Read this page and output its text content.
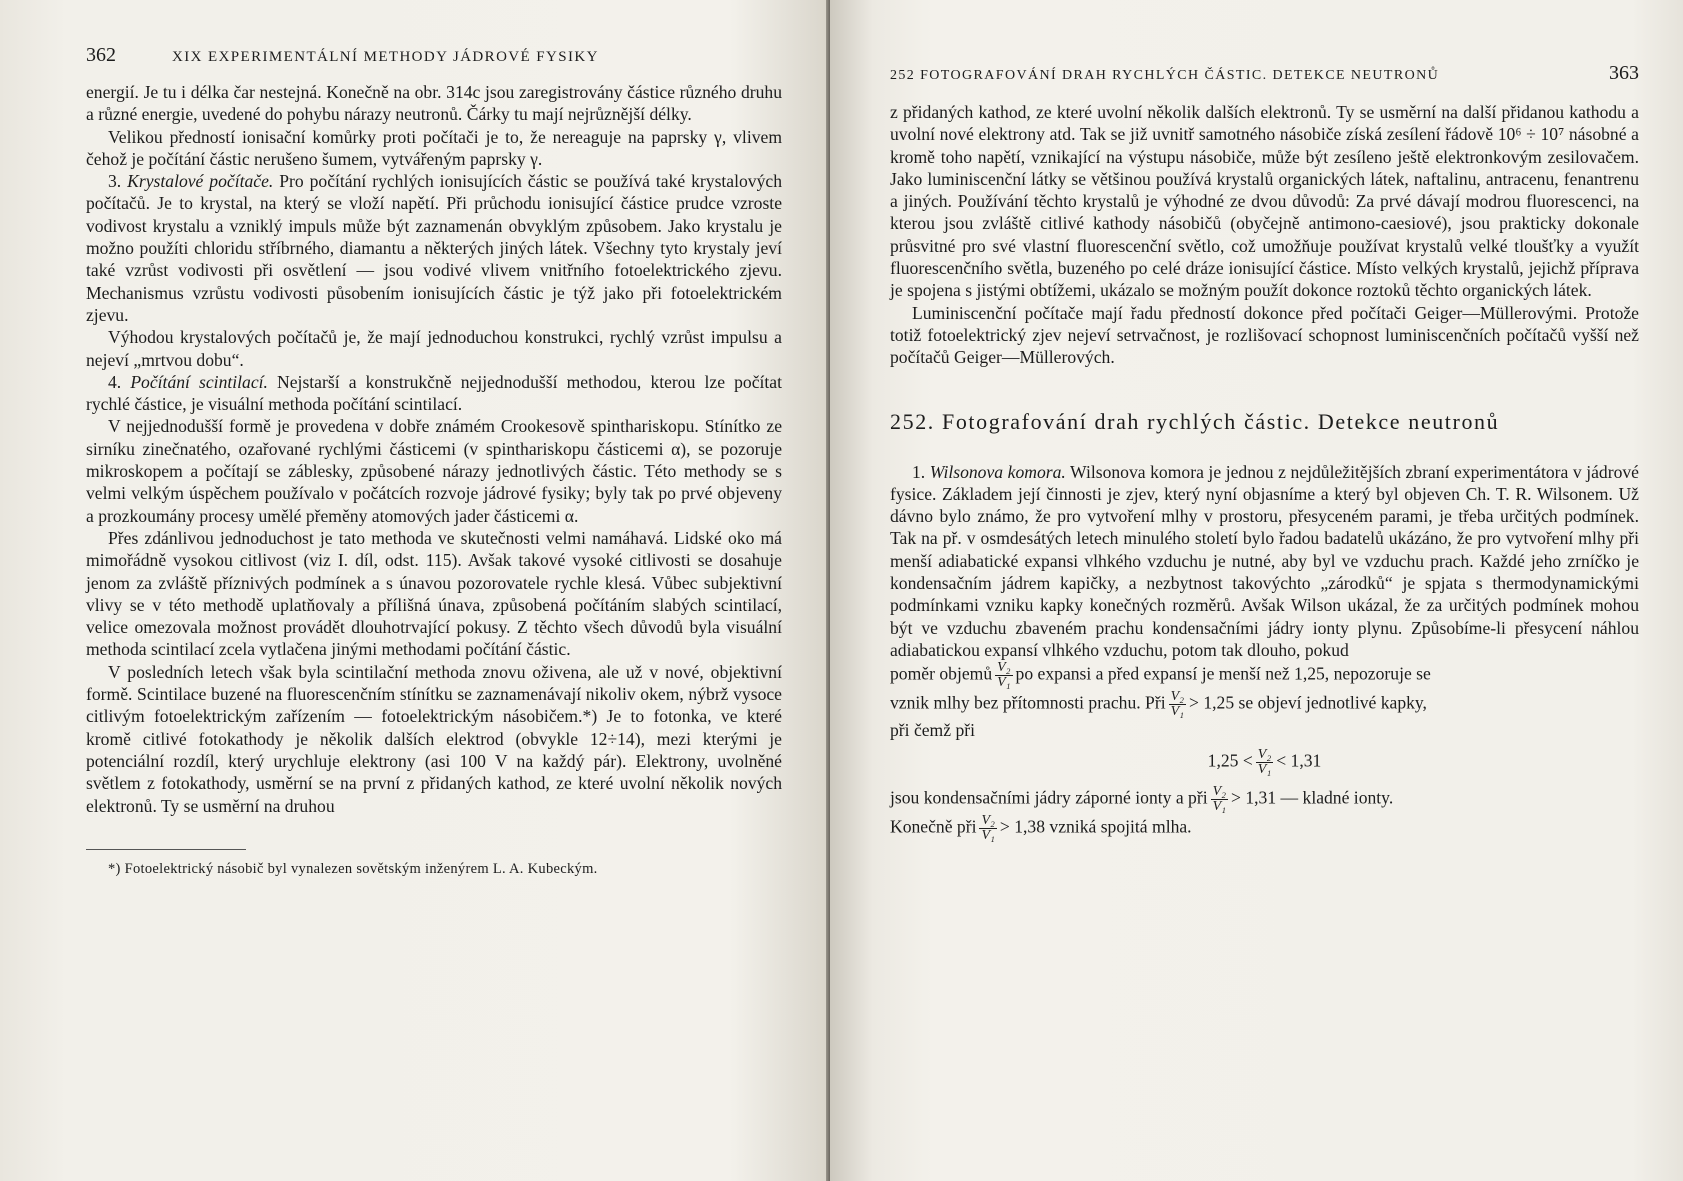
362	XIX EXPERIMENTÁLNÍ METHODY JÁDROVÉ FYSIKY

energií. Je tu i délka čar nestejná. Konečně na obr. 314c jsou zaregistrovány částice různého druhu a různé energie, uvedené do pohybu nárazy neutronů. Čárky tu mají nejrůznější délky.

Velikou předností ionisační komůrky proti počítači je to, že nereaguje na paprsky γ, vlivem čehož je počítání částic nerušeno šumem, vytvářeným paprsky γ.

3. Krystalové počítače. Pro počítání rychlých ionisujících částic se používá také krystalových počítačů. Je to krystal, na který se vloží napětí. Při průchodu ionisující částice prudce vzroste vodivost krystalu a vzniklý impuls může být zaznamenán obvyklým způsobem. Jako krystalu je možno použíti chloridu stříbrného, diamantu a některých jiných látek. Všechny tyto krystaly jeví také vzrůst vodivosti při osvětlení — jsou vodivé vlivem vnitřního fotoelektrického zjevu. Mechanismus vzrůstu vodivosti působením ionisujících částic je týž jako při fotoelektrickém zjevu.

Výhodou krystalových počítačů je, že mají jednoduchou konstrukci, rychlý vzrůst impulsu a nejeví „mrtvou dobu“.

4. Počítání scintilací. Nejstarší a konstrukčně nejjednodušší methodou, kterou lze počítat rychlé částice, je visuální methoda počítání scintilací.

V nejjednodušší formě je provedena v dobře známém Crookesově spinthariskopu. Stínítko ze sirníku zinečnatého, ozařované rychlými částicemi (v spinthariskopu částicemi α), se pozoruje mikroskopem a počítají se záblesky, způsobené nárazy jednotlivých částic. Této methody se s velmi velkým úspěchem používalo v počátcích rozvoje jádrové fysiky; byly tak po prvé objeveny a prozkoumány procesy umělé přeměny atomových jader částicemi α.

Přes zdánlivou jednoduchost je tato methoda ve skutečnosti velmi namáhavá. Lidské oko má mimořádně vysokou citlivost (viz I. díl, odst. 115). Avšak takové vysoké citlivosti se dosahuje jenom za zvláště příznivých podmínek a s únavou pozorovatele rychle klesá. Vůbec subjektivní vlivy se v této methodě uplatňovaly a přílišná únava, způsobená počítáním slabých scintilací, velice omezovala možnost provádět dlouhotrvající pokusy. Z těchto všech důvodů byla visuální methoda scintilací zcela vytlačena jinými methodami počítání částic.

V posledních letech však byla scintilační methoda znovu oživena, ale už v nové, objektivní formě. Scintilace buzené na fluorescenčním stínítku se zaznamenávají nikoliv okem, nýbrž vysoce citlivým fotoelektrickým zařízením — fotoelektrickým násobičem.*) Je to fotonka, ve které kromě citlivé fotokathody je několik dalších elektrod (obvykle 12÷14), mezi kterými je potenciální rozdíl, který urychluje elektrony (asi 100 V na každý pár). Elektrony, uvolněné světlem z fotokathody, usměrní se na první z přidaných kathod, ze které uvolní několik nových elektronů. Ty se usměrní na druhou

*) Fotoelektrický násobič byl vynalezen sovětským inženýrem L. A. Kubeckým.

252 FOTOGRAFOVÁNÍ DRAH RYCHLÝCH ČÁSTIC. DETEKCE NEUTRONŮ	363

z přidaných kathod, ze které uvolní několik dalších elektronů. Ty se usměrní na další přidanou kathodu a uvolní nové elektrony atd. Tak se již uvnitř samotného násobiče získá zesílení řádově 10⁶ ÷ 10⁷ násobné a kromě toho napětí, vznikající na výstupu násobiče, může být zesíleno ještě elektronkovým zesilovačem. Jako luminiscenční látky se většinou používá krystalů organických látek, naftalinu, antracenu, fenantrenu a jiných. Používání těchto krystalů je výhodné ze dvou důvodů: Za prvé dávají modrou fluorescenci, na kterou jsou zvláště citlivé kathody násobičů (obyčejně antimono-caesiové), jsou prakticky dokonale průsvitné pro své vlastní fluorescenční světlo, což umožňuje používat krystalů velké tloušťky a využít fluorescenčního světla, buzeného po celé dráze ionisující částice. Místo velkých krystalů, jejichž příprava je spojena s jistými obtížemi, ukázalo se možným použít dokonce roztoků těchto organických látek.

Luminiscenční počítače mají řadu předností dokonce před počítači Geiger—Müllerovými. Protože totiž fotoelektrický zjev nejeví setrvačnost, je rozlišovací schopnost luminiscenčních počítačů vyšší než počítačů Geiger—Müllerových.

252. Fotografování drah rychlých částic. Detekce neutronů

1. Wilsonova komora. Wilsonova komora je jednou z nejdůležitějších zbraní experimentátora v jádrové fysice. Základem její činnosti je zjev, který nyní objasníme a který byl objeven Ch. T. R. Wilsonem. Už dávno bylo známo, že pro vytvoření mlhy v prostoru, přesyceném parami, je třeba určitých podmínek. Tak na př. v osmdesátých letech minulého století bylo řadou badatelů ukázáno, že pro vytvoření mlhy při menší adiabatické expansi vlhkého vzduchu je nutné, aby byl ve vzduchu prach. Každé jeho zrníčko je kondensačním jádrem kapičky, a nezbytnost takovýchto „zárodků“ je spjata s thermodynamickými podmínkami vzniku kapky konečných rozměrů. Avšak Wilson ukázal, že za určitých podmínek mohou být ve vzduchu zbaveném prachu kondensačními jádry ionty plynu. Způsobíme-li přesycení náhlou adiabatickou expansí vlhkého vzduchu, potom tak dlouho, pokud

poměr objemů $\frac{\text{V₂}}{\text{V₁}}$ po expansi a před expansí je menší než 1,25, nepozoruje se

vznik mlhy bez přítomnosti prachu. Při $\frac{\text{V₂}}{\text{V₁}} > 1,25$ se objeví jednotlivé kapky,

při čemž při

$1,25 < \frac{\text{V₂}}{\text{V₁}} < 1,31$

jsou kondensačními jádry záporné ionty a při $\frac{\text{V₂}}{\text{V₁}} > 1,31$ — kladné ionty.

Konečně při $\frac{\text{V₂}}{\text{V₁}} > 1,38$ vzniká spojitá mlha.
